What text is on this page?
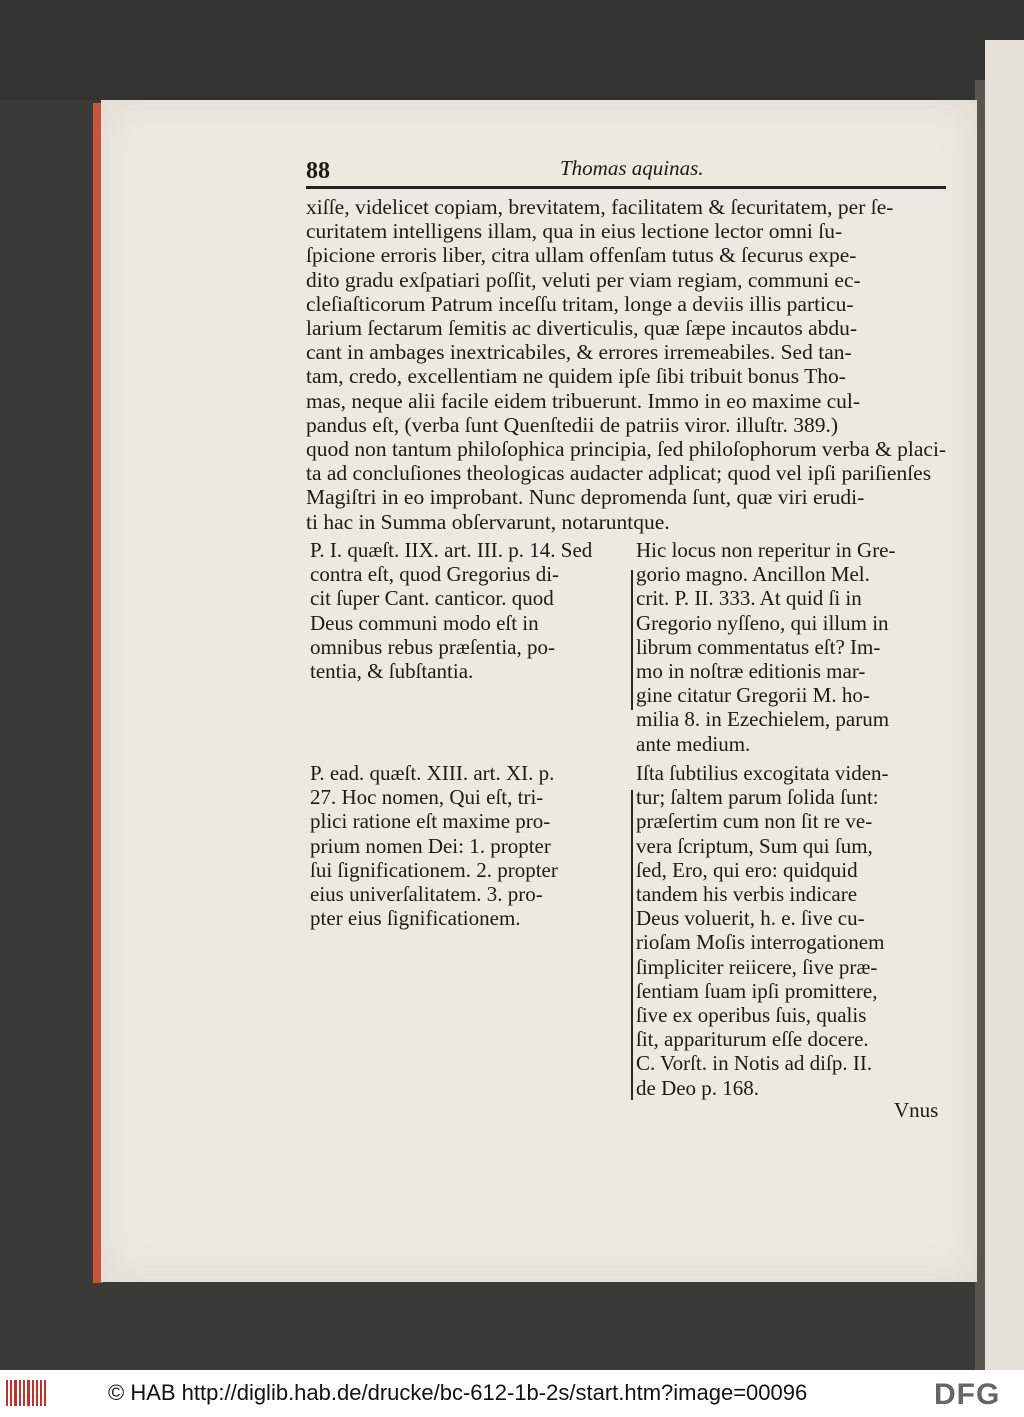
88	Thomas aquinas.
xiſſe, videlicet copiam, brevitatem, facilitatem & ſecuritatem, per ſe-
curitatem intelligens illam, qua in eius lectione lector omni ſu-
ſpicione erroris liber, citra ullam offenſam tutus & ſecurus expe-
dito gradu exſpatiari poſſit, veluti per viam regiam, communi ec-
cleſiaſticorum Patrum inceſſu tritam, longe a deviis illis particu-
larium ſectarum ſemitis ac diverticulis, quæ ſæpe incautos abdu-
cant in ambages inextricabiles, & errores irremeabiles. Sed tan-
tam, credo, excellentiam ne quidem ipſe ſibi tribuit bonus Tho-
mas, neque alii facile eidem tribuerunt. Immo in eo maxime cul-
pandus eſt, (verba ſunt Quenſtedii de patriis viror. illuſtr. 389.)
quod non tantum philoſophica principia, ſed philoſophorum verba & placi-
ta ad concluſiones theologicas audacter adplicat; quod vel ipſi pariſienſes
Magiſtri in eo improbant. Nunc depromenda ſunt, quæ viri erudi-
ti hac in Summa obſervarunt, notaruntque.
P. I. quæſt. IIX. art. III. p. 14. Sed
contra eſt, quod Gregorius di-
cit ſuper Cant. canticor. quod
Deus communi modo eſt in
omnibus rebus præſentia, po-
tentia, & ſubſtantia.
Hic locus non reperitur in Gre-
gorio magno. Ancillon Mel.
crit. P. II. 333. At quid ſi in
Gregorio nyſſeno, qui illum in
librum commentatus eſt? Im-
mo in noſtræ editionis mar-
gine citatur Gregorii M. ho-
milia 8. in Ezechielem, parum
ante medium.
P. ead. quæſt. XIII. art. XI. p.
27. Hoc nomen, Qui eſt, tri-
plici ratione eſt maxime pro-
prium nomen Dei: 1. propter
ſui ſignificationem. 2. propter
eius univerſalitatem. 3. pro-
pter eius ſignificationem.
Iſta ſubtilius excogitata viden-
tur; ſaltem parum ſolida ſunt:
præſertim cum non ſit re ve-
vera ſcriptum, Sum qui ſum,
ſed, Ero, qui ero: quidquid
tandem his verbis indicare
Deus voluerit, h. e. ſive cu-
rioſam Moſis interrogationem
ſimpliciter reiicere, ſive præ-
ſentiam ſuam ipſi promittere,
ſive ex operibus ſuis, qualis
ſit, appariturum eſſe docere.
C. Vorſt. in Notis ad diſp. II.
de Deo p. 168.
Vnus
© HAB http://diglib.hab.de/drucke/bc-612-1b-2s/start.htm?image=00096	DFG
